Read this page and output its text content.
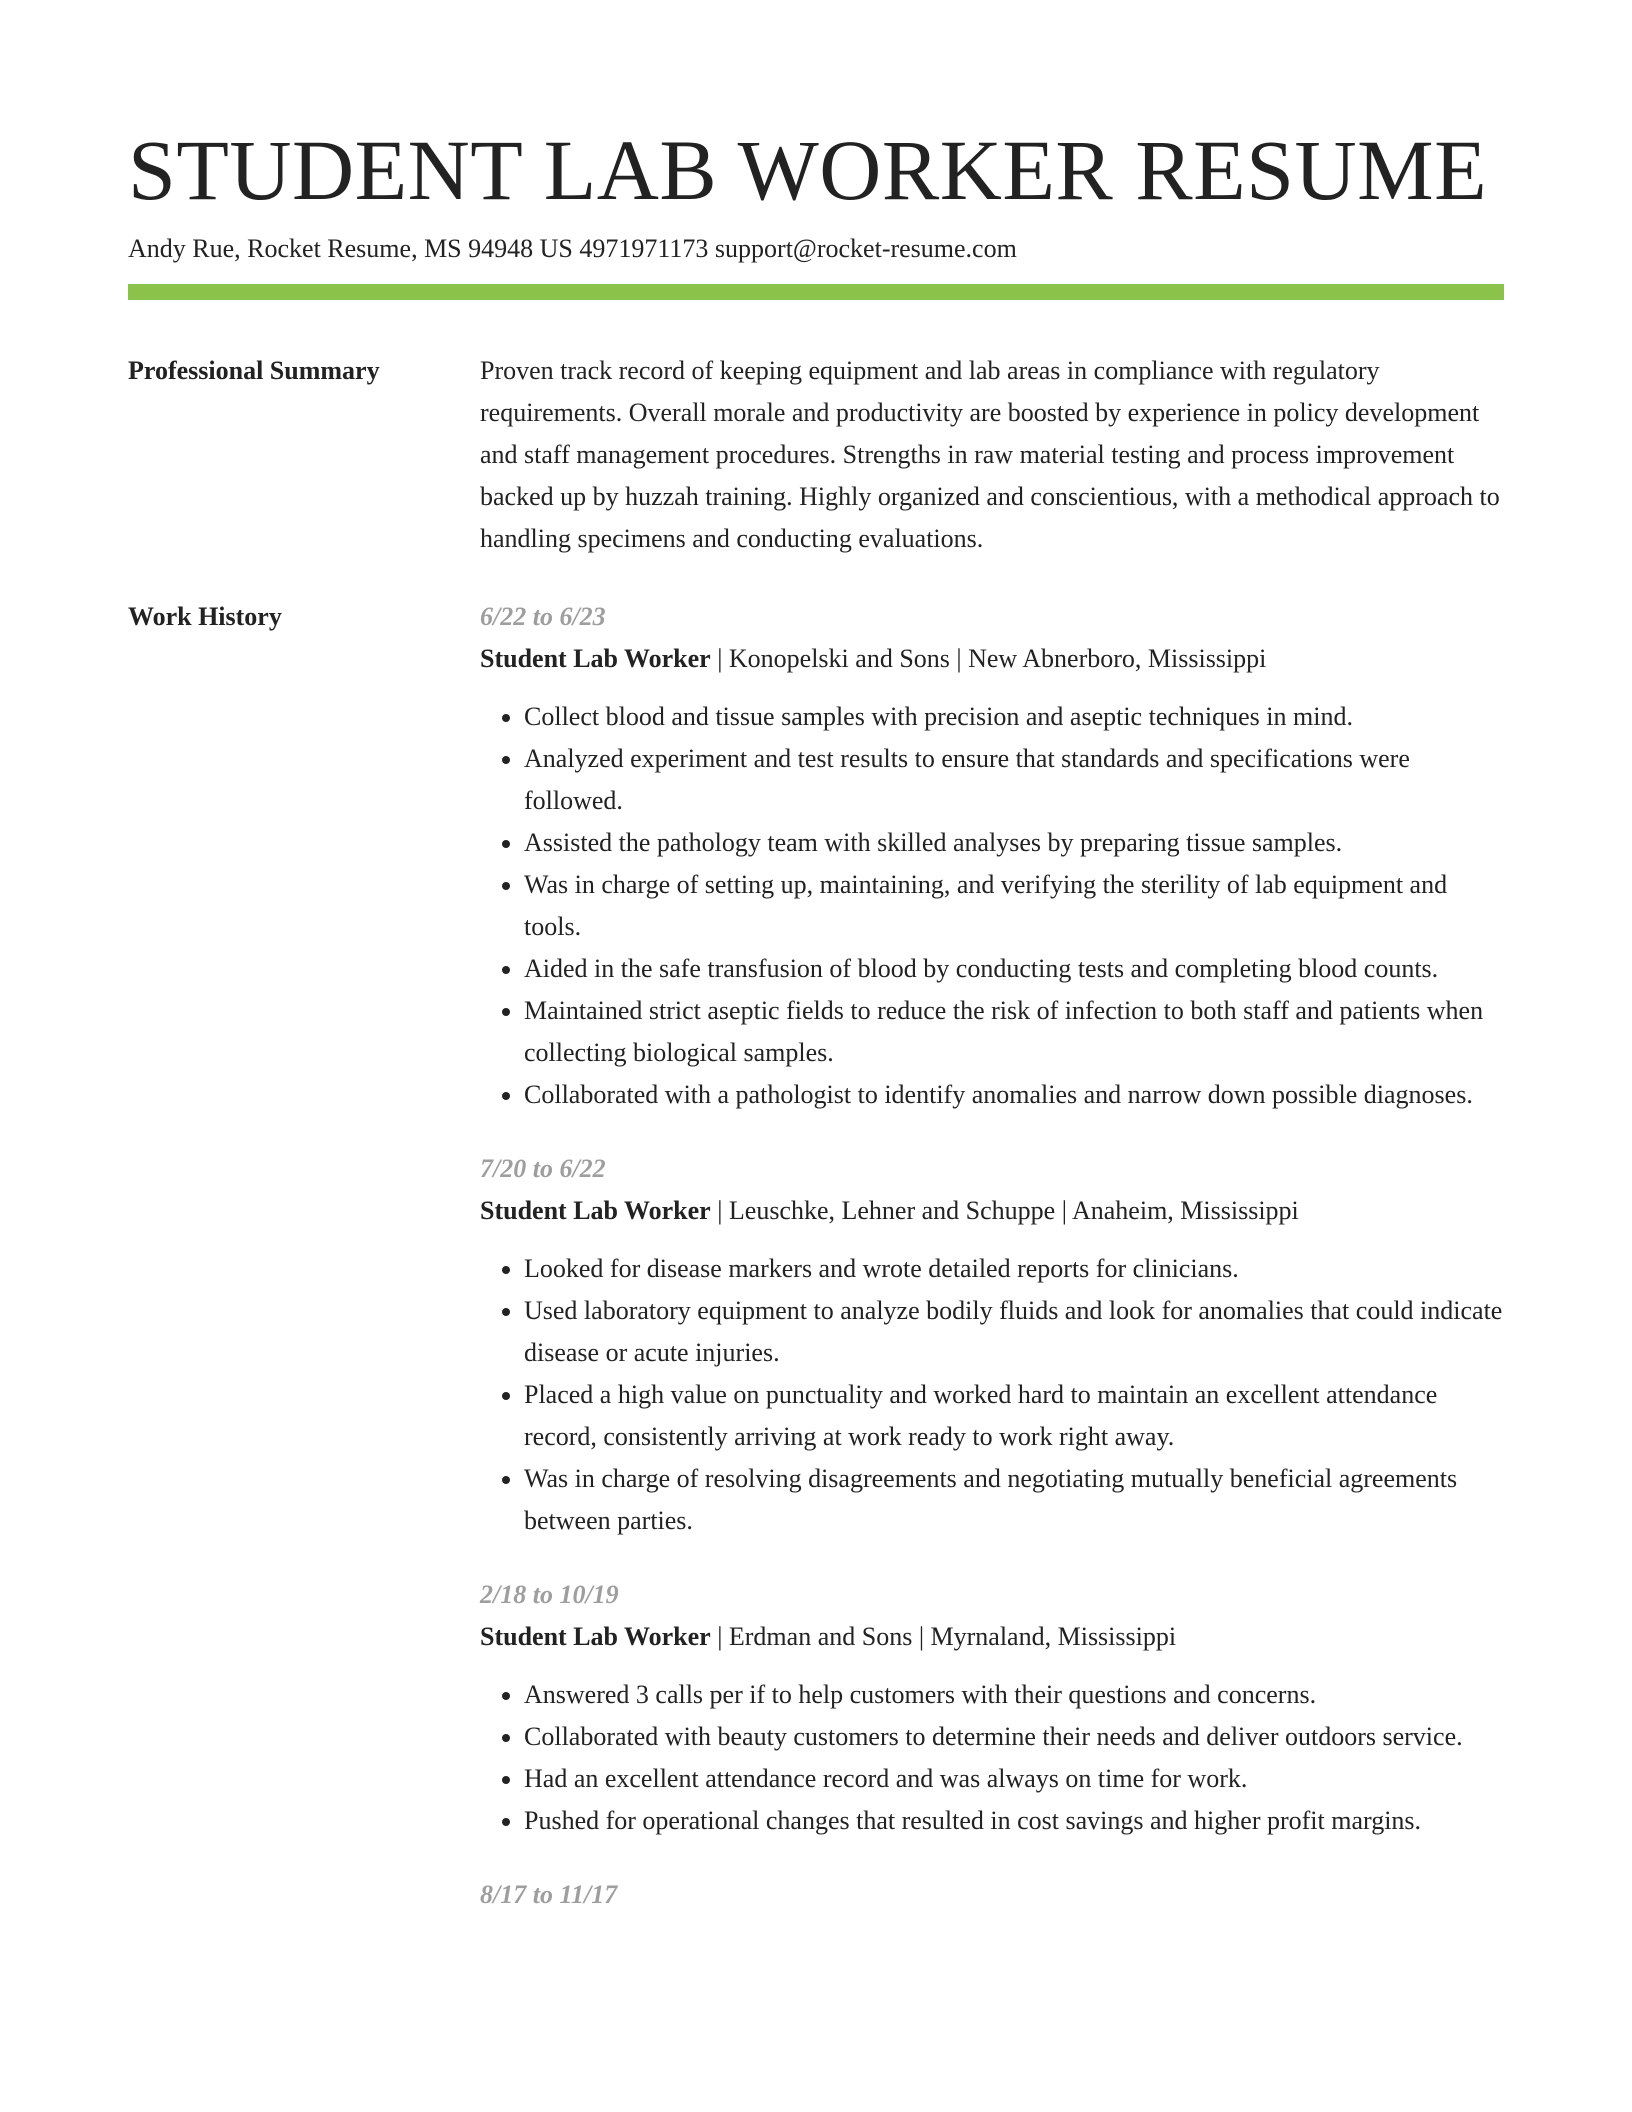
STUDENT LAB WORKER RESUME
Andy Rue, Rocket Resume, MS 94948 US 4971971173 support@rocket-resume.com
Professional Summary	Proven track record of keeping equipment and lab areas in compliance with regulatory requirements. Overall morale and productivity are boosted by experience in policy development and staff management procedures. Strengths in raw material testing and process improvement backed up by huzzah training. Highly organized and conscientious, with a methodical approach to handling specimens and conducting evaluations.

Work History	6/22 to 6/23
Student Lab Worker | Konopelski and Sons | New Abnerboro, Mississippi
• Collect blood and tissue samples with precision and aseptic techniques in mind.
• Analyzed experiment and test results to ensure that standards and specifications were followed.
• Assisted the pathology team with skilled analyses by preparing tissue samples.
• Was in charge of setting up, maintaining, and verifying the sterility of lab equipment and tools.
• Aided in the safe transfusion of blood by conducting tests and completing blood counts.
• Maintained strict aseptic fields to reduce the risk of infection to both staff and patients when collecting biological samples.
• Collaborated with a pathologist to identify anomalies and narrow down possible diagnoses.
7/20 to 6/22
Student Lab Worker | Leuschke, Lehner and Schuppe | Anaheim, Mississippi
• Looked for disease markers and wrote detailed reports for clinicians.
• Used laboratory equipment to analyze bodily fluids and look for anomalies that could indicate disease or acute injuries.
• Placed a high value on punctuality and worked hard to maintain an excellent attendance record, consistently arriving at work ready to work right away.
• Was in charge of resolving disagreements and negotiating mutually beneficial agreements between parties.
2/18 to 10/19
Student Lab Worker | Erdman and Sons | Myrnaland, Mississippi
• Answered 3 calls per if to help customers with their questions and concerns.
• Collaborated with beauty customers to determine their needs and deliver outdoors service.
• Had an excellent attendance record and was always on time for work.
• Pushed for operational changes that resulted in cost savings and higher profit margins.
8/17 to 11/17
